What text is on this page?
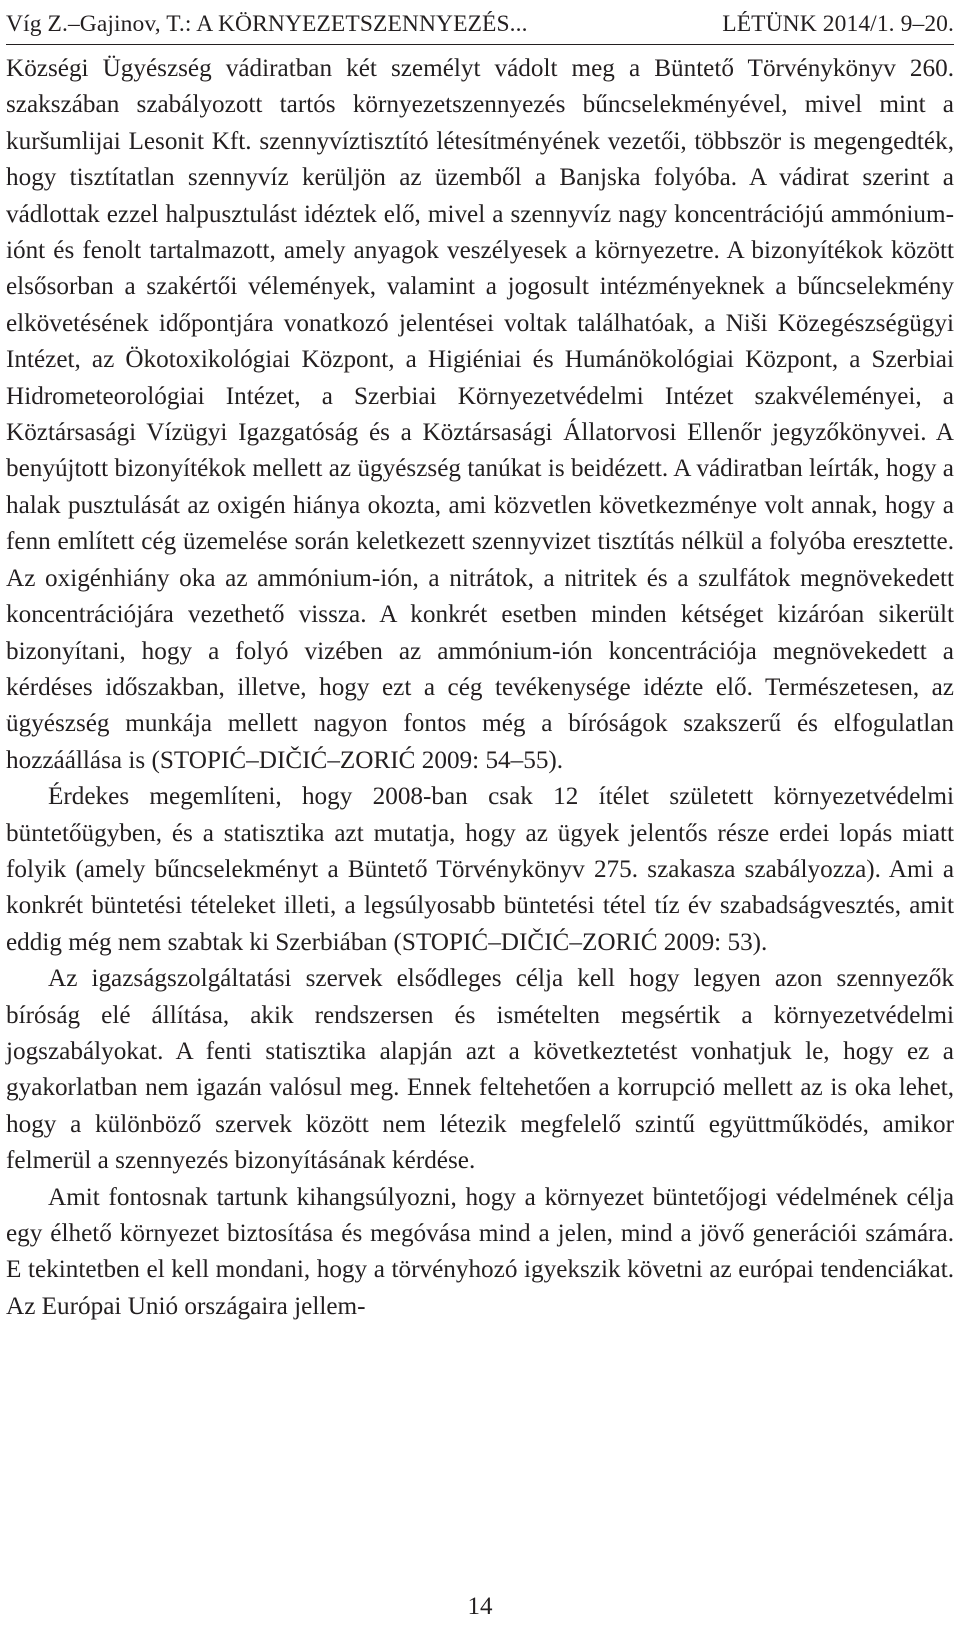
Víg Z.–Gajinov, T.: A KÖRNYEZETSZENNYEZÉS...	LÉTÜNK 2014/1. 9–20.

Községi Ügyészség vádiratban két személyt vádolt meg a Büntető Törvénykönyv 260. szakszában szabályozott tartós környezetszennyezés bűncselekményével, mivel mint a kuršumlijai Lesonit Kft. szennyvíztisztító létesítményének vezetői, többször is megengedték, hogy tisztítatlan szennyvíz kerüljön az üzemből a Banjska folyóba. A vádirat szerint a vádlottak ezzel halpusztulást idéztek elő, mivel a szennyvíz nagy koncentrációjú ammónium-iónt és fenolt tartalmazott, amely anyagok veszélyesek a környezetre. A bizonyítékok között elsősorban a szakértői vélemények, valamint a jogosult intézményeknek a bűncselekmény elkövetésének időpontjára vonatkozó jelentései voltak találhatóak, a Niši Közegészségügyi Intézet, az Ökotoxikológiai Központ, a Higiéniai és Humánökológiai Központ, a Szerbiai Hidrometeorológiai Intézet, a Szerbiai Környezetvédelmi Intézet szakvéleményei, a Köztársasági Vízügyi Igazgatóság és a Köztársasági Állatorvosi Ellenőr jegyzőkönyvei. A benyújtott bizonyítékok mellett az ügyészség tanúkat is beidézett. A vádiratban leírták, hogy a halak pusztulását az oxigén hiánya okozta, ami közvetlen következménye volt annak, hogy a fenn említett cég üzemelése során keletkezett szennyvizet tisztítás nélkül a folyóba eresztette. Az oxigénhiány oka az ammónium-ión, a nitrátok, a nitritek és a szulfátok megnövekedett koncentrációjára vezethető vissza. A konkrét esetben minden kétséget kizáróan sikerült bizonyítani, hogy a folyó vizében az ammónium-ión koncentrációja megnövekedett a kérdéses időszakban, illetve, hogy ezt a cég tevékenysége idézte elő. Természetesen, az ügyészség munkája mellett nagyon fontos még a bíróságok szakszerű és elfogulatlan hozzáállása is (STOPIĆ–DIČIĆ–ZORIĆ 2009: 54–55).

Érdekes megemlíteni, hogy 2008-ban csak 12 ítélet született környezetvédelmi büntetőügyben, és a statisztika azt mutatja, hogy az ügyek jelentős része erdei lopás miatt folyik (amely bűncselekményt a Büntető Törvénykönyv 275. szakasza szabályozza). Ami a konkrét büntetési tételeket illeti, a legsúlyosabb büntetési tétel tíz év szabadságvesztés, amit eddig még nem szabtak ki Szerbiában (STOPIĆ–DIČIĆ–ZORIĆ 2009: 53).

Az igazságszolgáltatási szervek elsődleges célja kell hogy legyen azon szennyezők bíróság elé állítása, akik rendszersen és ismételten megsértik a környezetvédelmi jogszabályokat. A fenti statisztika alapján azt a következtetést vonhatjuk le, hogy ez a gyakorlatban nem igazán valósul meg. Ennek feltehetően a korrupció mellett az is oka lehet, hogy a különböző szervek között nem létezik megfelelő szintű együttműködés, amikor felmerül a szennyezés bizonyításának kérdése.

Amit fontosnak tartunk kihangsúlyozni, hogy a környezet büntetőjogi védelmének célja egy élhető környezet biztosítása és megóvása mind a jelen, mind a jövő generációi számára. E tekintetben el kell mondani, hogy a törvényhozó igyekszik követni az európai tendenciákat. Az Európai Unió országaira jellem-

14
